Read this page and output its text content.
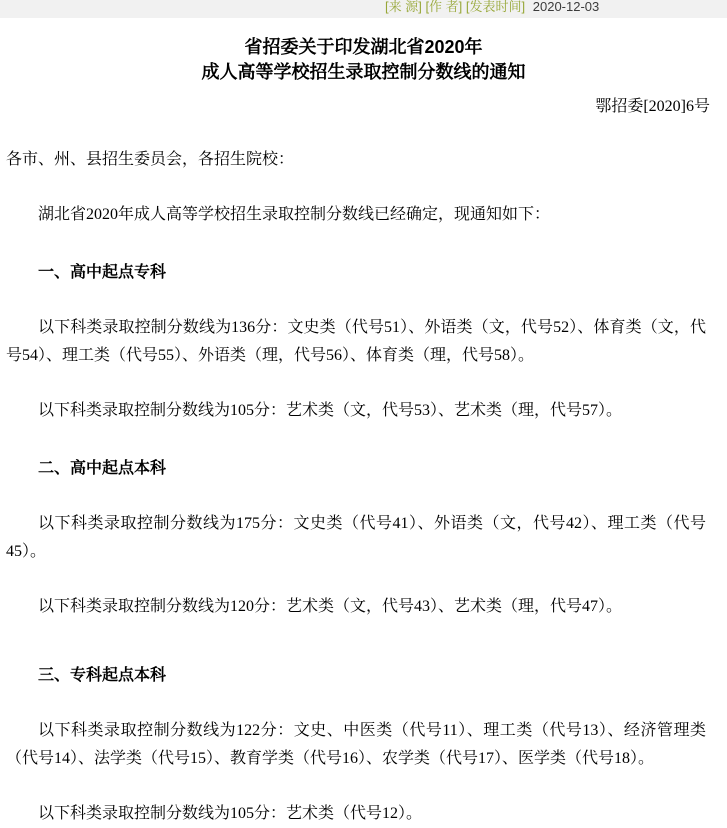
[来 源] [作 者] [发表时间] 2020-12-03
省招委关于印发湖北省2020年
成人高等学校招生录取控制分数线的通知
鄂招委[2020]6号

各市、州、县招生委员会，各招生院校：

湖北省2020年成人高等学校招生录取控制分数线已经确定，现通知如下：

一、高中起点专科

以下科类录取控制分数线为136分：文史类（代号51）、外语类（文，代号52）、体育类（文，代号54）、理工类（代号55）、外语类（理，代号56）、体育类（理，代号58）。

以下科类录取控制分数线为105分：艺术类（文，代号53）、艺术类（理，代号57）。

二、高中起点本科

以下科类录取控制分数线为175分：文史类（代号41）、外语类（文，代号42）、理工类（代号45）。

以下科类录取控制分数线为120分：艺术类（文，代号43）、艺术类（理，代号47）。

三、专科起点本科

以下科类录取控制分数线为122分：文史、中医类（代号11）、理工类（代号13）、经济管理类（代号14）、法学类（代号15）、教育学类（代号16）、农学类（代号17）、医学类（代号18）。

以下科类录取控制分数线为105分：艺术类（代号12）。
